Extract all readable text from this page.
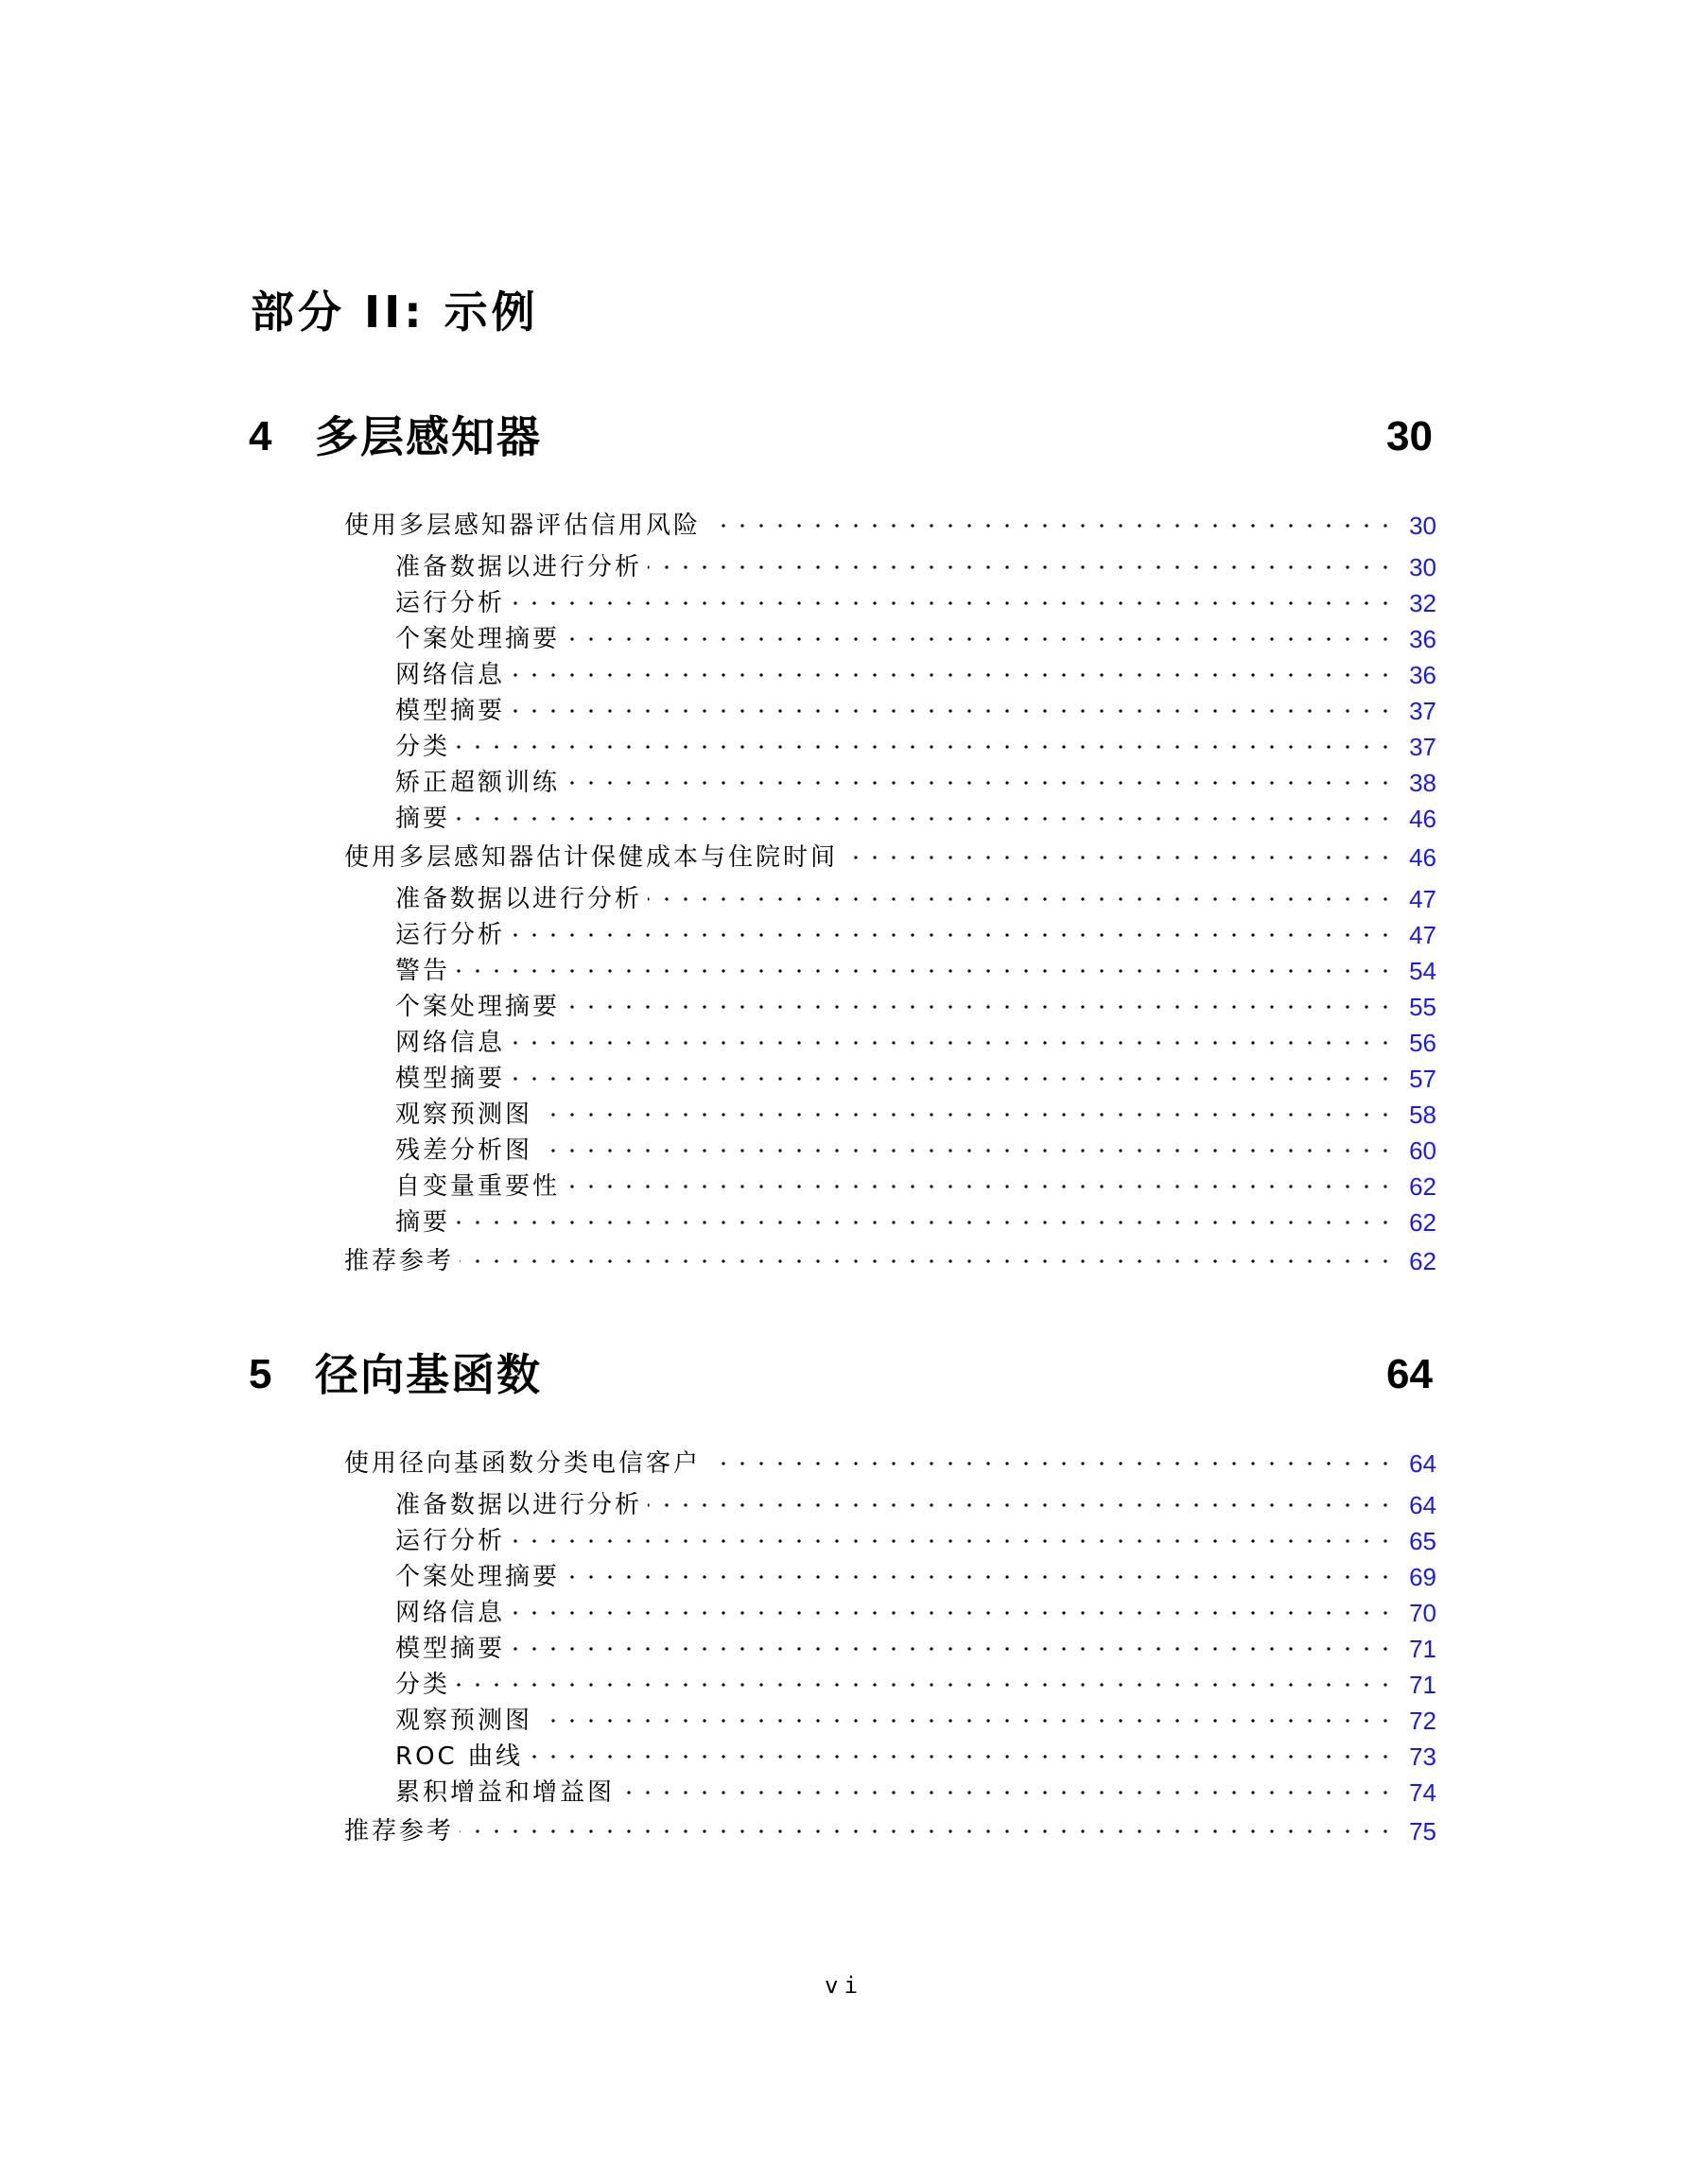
部分 II: 示例
4 多层感知器	30
使用多层感知器评估信用风险	30
准备数据以进行分析	30
运行分析	32
个案处理摘要	36
网络信息	36
模型摘要	37
分类	37
矫正超额训练	38
摘要	46
使用多层感知器估计保健成本与住院时间	46
准备数据以进行分析	47
运行分析	47
警告	54
个案处理摘要	55
网络信息	56
模型摘要	57
观察预测图	58
残差分析图	60
自变量重要性	62
摘要	62
推荐参考	62
5 径向基函数	64
使用径向基函数分类电信客户	64
准备数据以进行分析	64
运行分析	65
个案处理摘要	69
网络信息	70
模型摘要	71
分类	71
观察预测图	72
ROC 曲线	73
累积增益和增益图	74
推荐参考	75
vi
